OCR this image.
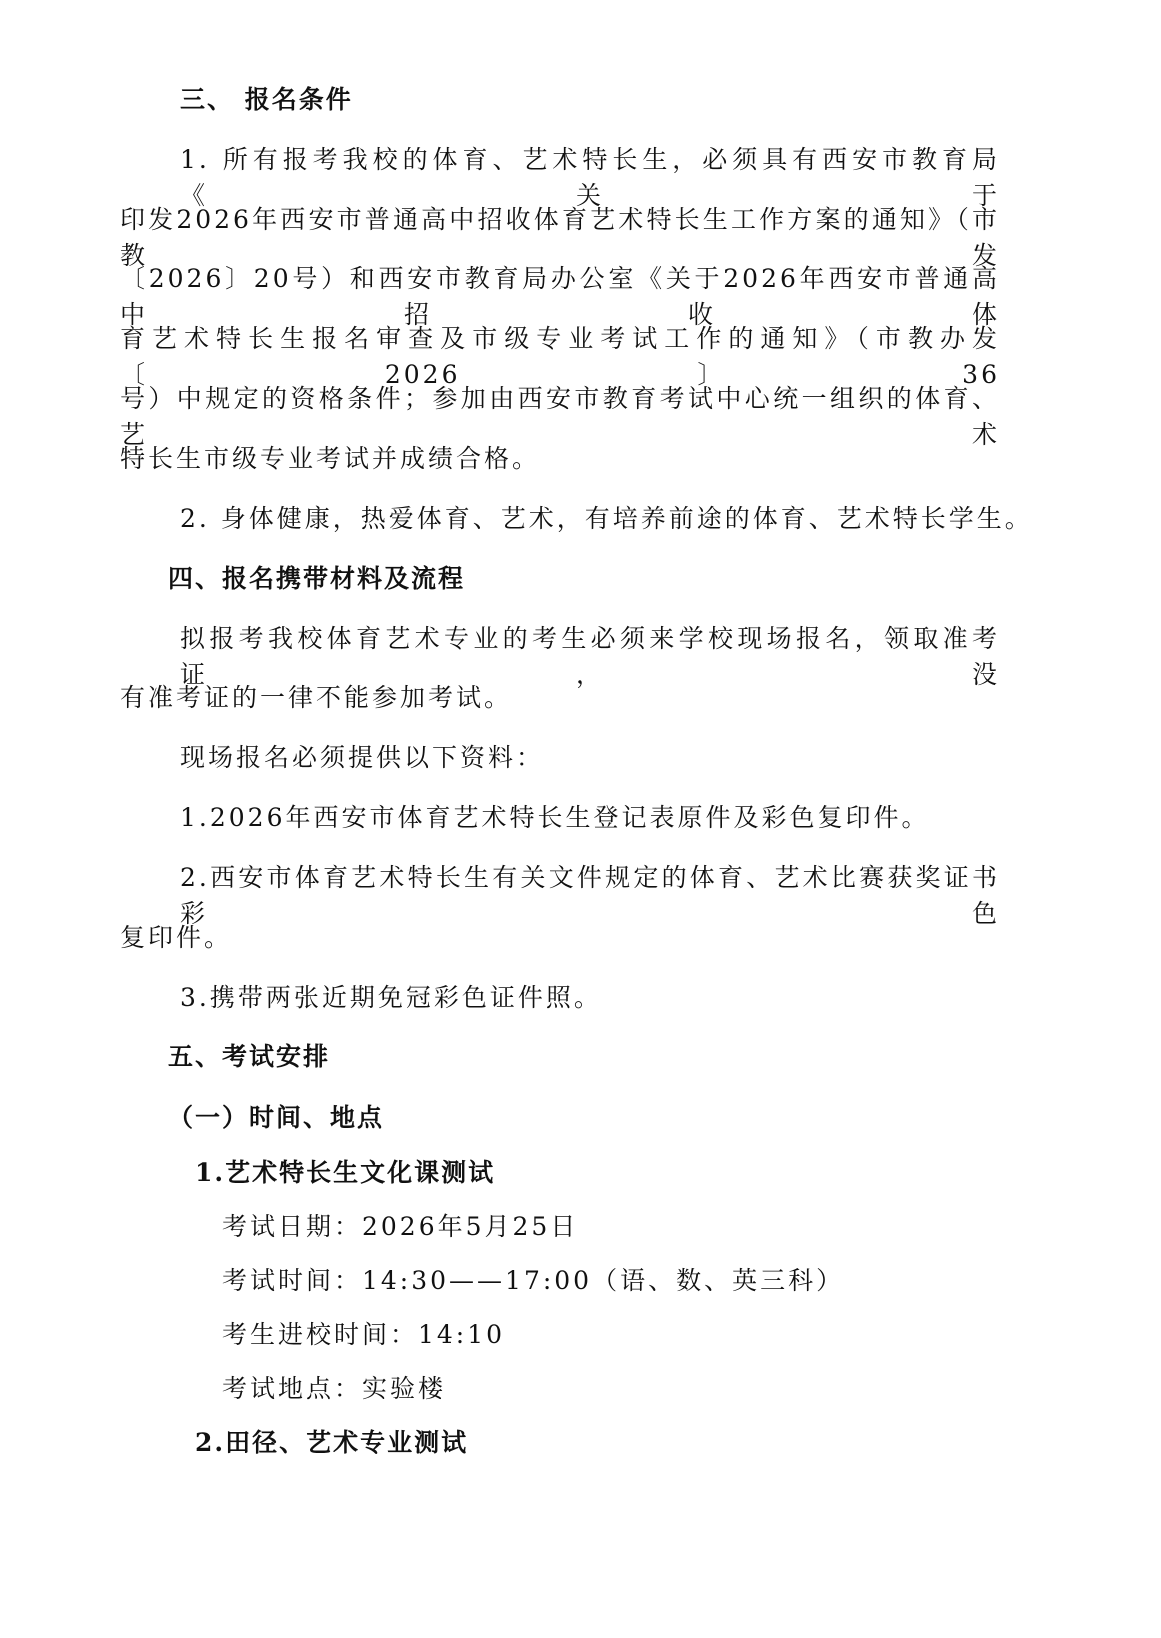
三、 报名条件
1. 所有报考我校的体育、艺术特长生，必须具有西安市教育局《关于
印发2026年西安市普通高中招收体育艺术特长生工作方案的通知》（市教发
〔2026〕20号）和西安市教育局办公室《关于2026年西安市普通高中招收体
育艺术特长生报名审查及市级专业考试工作的通知》（市教办发〔2026〕36
号）中规定的资格条件；参加由西安市教育考试中心统一组织的体育、艺术
特长生市级专业考试并成绩合格。
2. 身体健康，热爱体育、艺术，有培养前途的体育、艺术特长学生。
四、报名携带材料及流程
拟报考我校体育艺术专业的考生必须来学校现场报名，领取准考证，没
有准考证的一律不能参加考试。
现场报名必须提供以下资料：
1.2026年西安市体育艺术特长生登记表原件及彩色复印件。
2.西安市体育艺术特长生有关文件规定的体育、艺术比赛获奖证书彩色
复印件。
3.携带两张近期免冠彩色证件照。
五、考试安排
（一）时间、地点
1.艺术特长生文化课测试
考试日期：2026年5月25日
考试时间：14:30——17:00（语、数、英三科）
考生进校时间：14:10
考试地点：实验楼
2.田径、艺术专业测试
